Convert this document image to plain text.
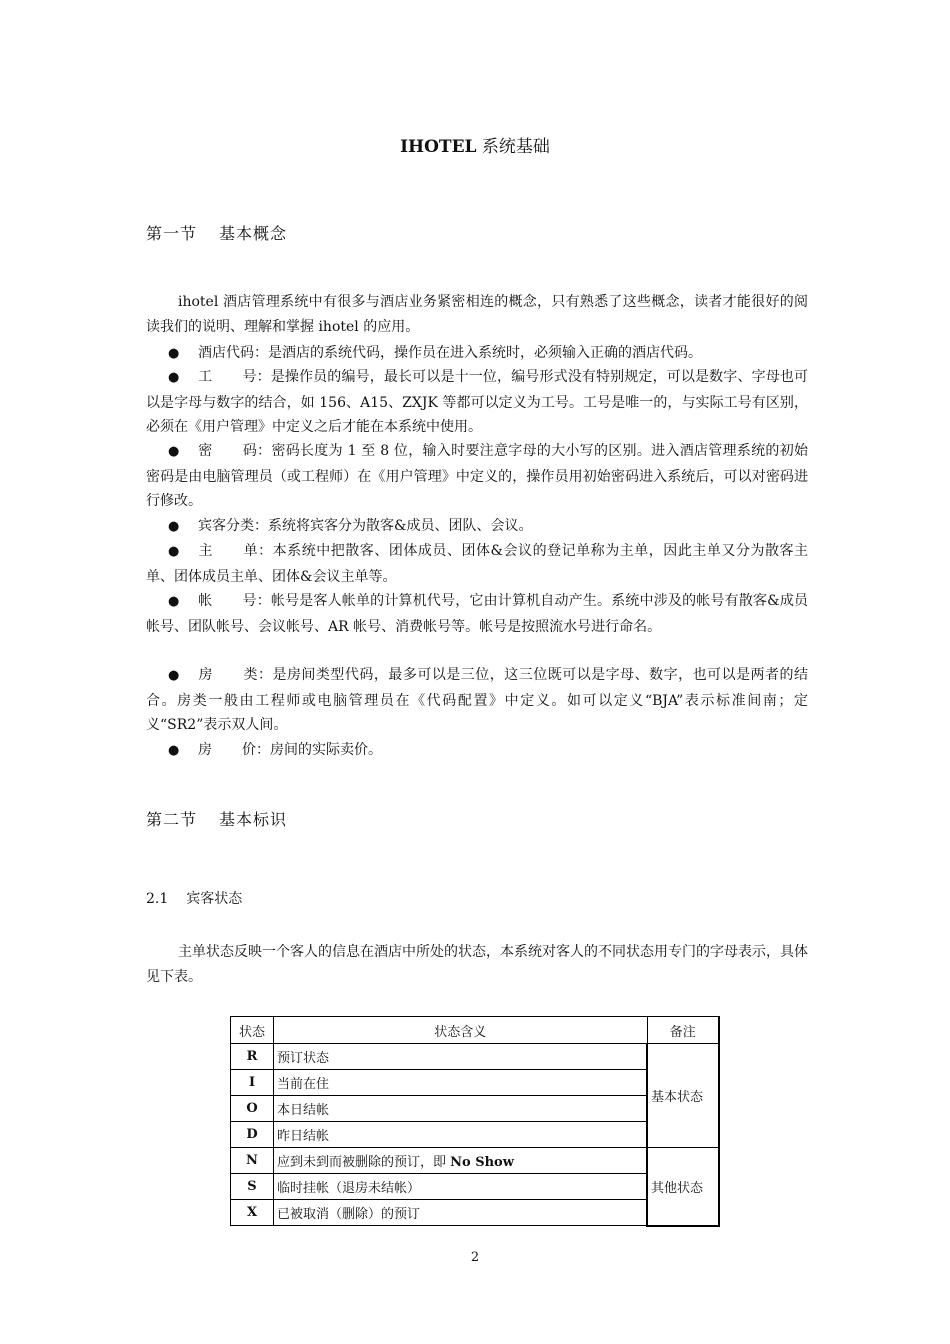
IHOTEL 系统基础
第一节 基本概念
ihotel 酒店管理系统中有很多与酒店业务紧密相连的概念，只有熟悉了这些概念，读者才能很好的阅读我们的说明、理解和掌握 ihotel 的应用。
● 酒店代码：是酒店的系统代码，操作员在进入系统时，必须输入正确的酒店代码。
● 工 号：是操作员的编号，最长可以是十一位，编号形式没有特别规定，可以是数字、字母也可以是字母与数字的结合，如 156、A15、ZXJK 等都可以定义为工号。工号是唯一的，与实际工号有区别，必须在《用户管理》中定义之后才能在本系统中使用。
● 密 码：密码长度为 1 至 8 位，输入时要注意字母的大小写的区别。进入酒店管理系统的初始密码是由电脑管理员（或工程师）在《用户管理》中定义的，操作员用初始密码进入系统后，可以对密码进行修改。
● 宾客分类：系统将宾客分为散客&成员、团队、会议。
● 主 单：本系统中把散客、团体成员、团体&会议的登记单称为主单，因此主单又分为散客主单、团体成员主单、团体&会议主单等。
● 帐 号：帐号是客人帐单的计算机代号，它由计算机自动产生。系统中涉及的帐号有散客&成员帐号、团队帐号、会议帐号、AR 帐号、消费帐号等。帐号是按照流水号进行命名。
● 房 类：是房间类型代码，最多可以是三位，这三位既可以是字母、数字，也可以是两者的结合。房类一般由工程师或电脑管理员在《代码配置》中定义。如可以定义“BJA”表示标准间南；定义“SR2”表示双人间。
● 房 价：房间的实际卖价。
第二节 基本标识
2.1 宾客状态
主单状态反映一个客人的信息在酒店中所处的状态，本系统对客人的不同状态用专门的字母表示，具体见下表。
状态	状态含义	备注
R	预订状态	基本状态
I	当前在住	
O	本日结帐	
D	昨日结帐	
N	应到未到而被删除的预订，即 No Show	其他状态
S	临时挂帐（退房未结帐）	
X	已被取消（删除）的预订	
2
